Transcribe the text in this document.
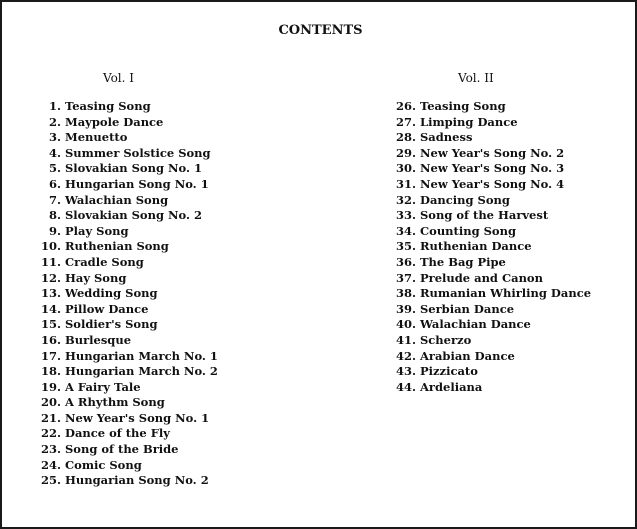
CONTENTS
Vol. I	Vol. II
1. Teasing Song
2. Maypole Dance
3. Menuetto
4. Summer Solstice Song
5. Slovakian Song No. 1
6. Hungarian Song No. 1
7. Walachian Song
8. Slovakian Song No. 2
9. Play Song
10. Ruthenian Song
11. Cradle Song
12. Hay Song
13. Wedding Song
14. Pillow Dance
15. Soldier's Song
16. Burlesque
17. Hungarian March No. 1
18. Hungarian March No. 2
19. A Fairy Tale
20. A Rhythm Song
21. New Year's Song No. 1
22. Dance of the Fly
23. Song of the Bride
24. Comic Song
25. Hungarian Song No. 2
26. Teasing Song
27. Limping Dance
28. Sadness
29. New Year's Song No. 2
30. New Year's Song No. 3
31. New Year's Song No. 4
32. Dancing Song
33. Song of the Harvest
34. Counting Song
35. Ruthenian Dance
36. The Bag Pipe
37. Prelude and Canon
38. Rumanian Whirling Dance
39. Serbian Dance
40. Walachian Dance
41. Scherzo
42. Arabian Dance
43. Pizzicato
44. Ardeliana
